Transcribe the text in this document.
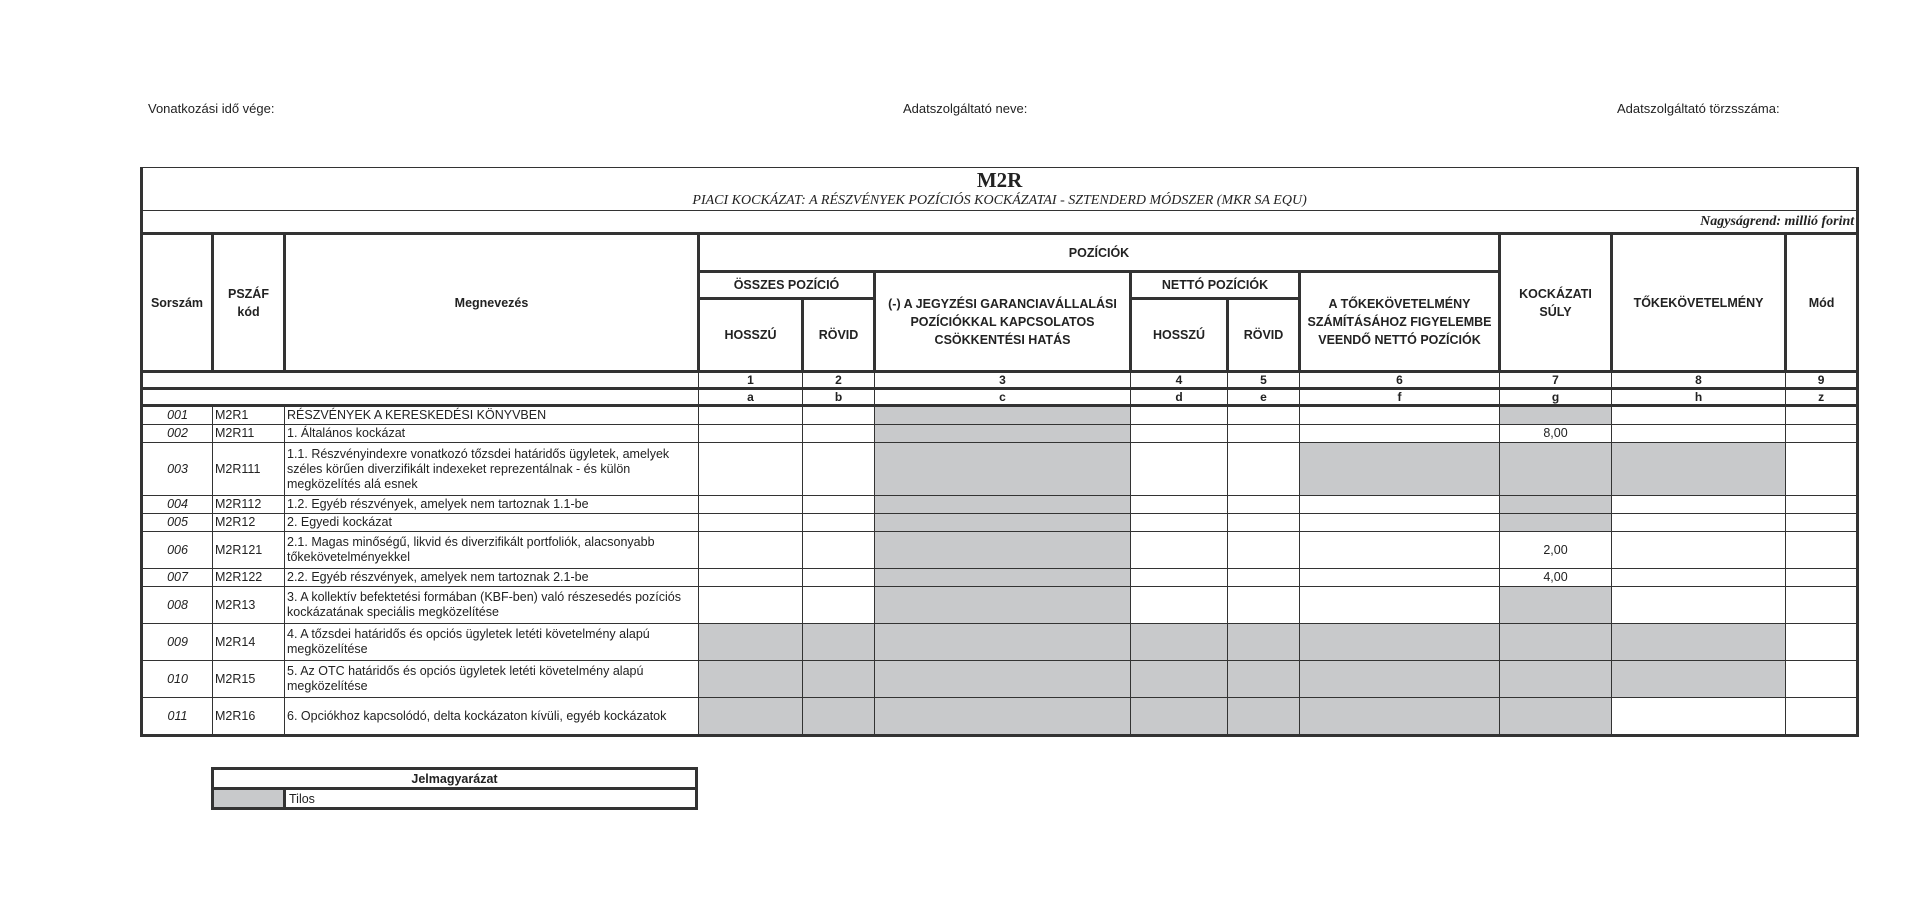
Vonatkozási idő vége:	Adatszolgáltató neve:	Adatszolgáltató törzsszáma:
M2R
PIACI KOCKÁZAT: A RÉSZVÉNYEK POZÍCIÓS KOCKÁZATAI - SZTENDERD MÓDSZER (MKR SA EQU)											

Nagyságrend: millió forint											
Sorszám	PSZÁF kód	Megnevezés	POZÍCIÓK						KOCKÁZATI SÚLY	TŐKEKÖVETELMÉNY	Mód
			ÖSSZES POZÍCIÓ		(-) A JEGYZÉSI GARANCIAVÁLLALÁSI POZÍCIÓKKAL KAPCSOLATOS CSÖKKENTÉSI HATÁS	NETTÓ POZÍCIÓK		A TŐKEKÖVETELMÉNY SZÁMÍTÁSÁHOZ FIGYELEMBE VEENDŐ NETTÓ POZÍCIÓK			
			HOSSZÚ	RÖVID		HOSSZÚ	RÖVID				
			1	2	3	4	5	6	7	8	9
			a	b	c	d	e	f	g	h	z
001	M2R1	RÉSZVÉNYEK A KERESKEDÉSI KÖNYVBEN									
002	M2R11	1. Általános kockázat							8,00		
003	M2R111	1.1. Részvényindexre vonatkozó tőzsdei határidős ügyletek, amelyek széles körűen diverzifikált indexeket reprezentálnak - és külön megközelítés alá esnek									
004	M2R112	1.2. Egyéb részvények, amelyek nem tartoznak 1.1-be									
005	M2R12	2. Egyedi kockázat									
006	M2R121	2.1. Magas minőségű, likvid és diverzifikált portfoliók, alacsonyabb tőkekövetelményekkel							2,00		
007	M2R122	2.2. Egyéb részvények, amelyek nem tartoznak 2.1-be							4,00		
008	M2R13	3. A kollektív befektetési formában (KBF-ben) való részesedés pozíciós kockázatának speciális megközelítése									
009	M2R14	4. A tőzsdei határidős és opciós ügyletek letéti követelmény alapú megközelítése									
010	M2R15	5. Az OTC határidős és opciós ügyletek letéti követelmény alapú megközelítése									
011	M2R16	6. Opciókhoz kapcsolódó, delta kockázaton kívüli, egyéb kockázatok									
Jelmagyarázat
	Tilos
